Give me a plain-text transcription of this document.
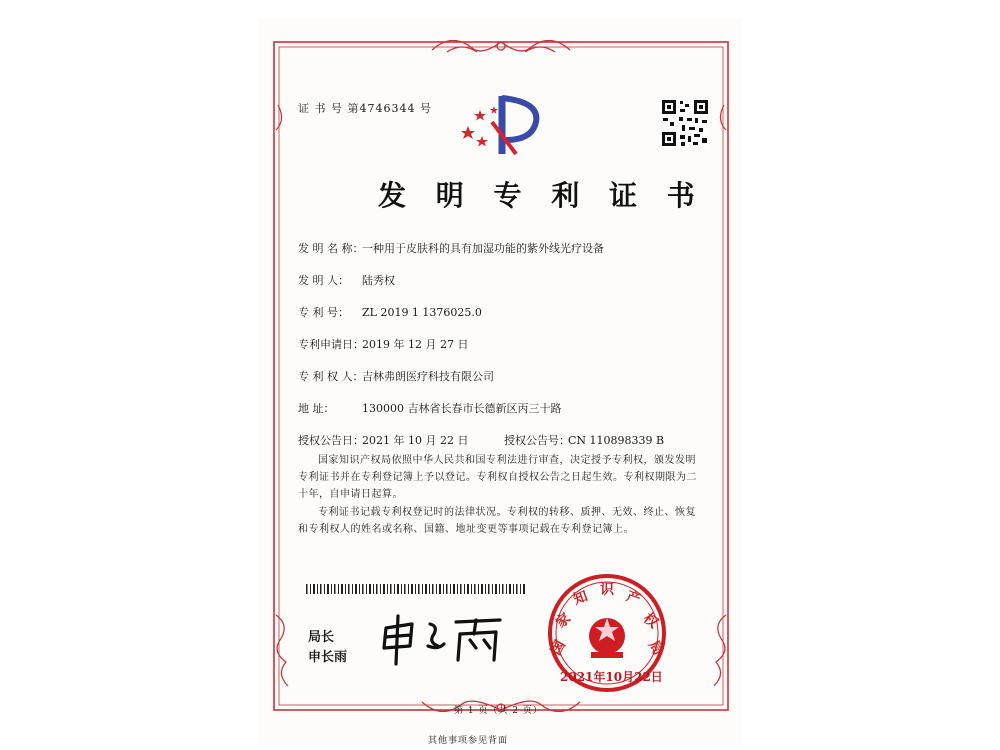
证 书 号 第4746344 号
发 明 专 利 证 书
发 明 名 称：一种用于皮肤科的具有加湿功能的紫外线光疗设备
发 明 人： 陆秀权
专 利 号： ZL 2019 1 1376025.0
专利申请日：2019 年 12 月 27 日
专 利 权 人：吉林弗朗医疗科技有限公司
地 址：	130000 吉林省长春市长德新区丙三十路
授权公告日：2021 年 10 月 22 日	授权公告号：CN 110898339 B
国家知识产权局依照中华人民共和国专利法进行审查，决定授予专利权，颁发发明专利证书并在专利登记簿上予以登记。专利权自授权公告之日起生效。专利权期限为二十年，自申请日起算。
专利证书记载专利权登记时的法律状况。专利权的转移、质押、无效、终止、恢复和专利权人的姓名或名称、国籍、地址变更等事项记载在专利登记簿上。
局长
申长雨	国
家
知 识 产
权
局
2021年10月22日
第 1 页（共 2 页）
其他事项参见背面
